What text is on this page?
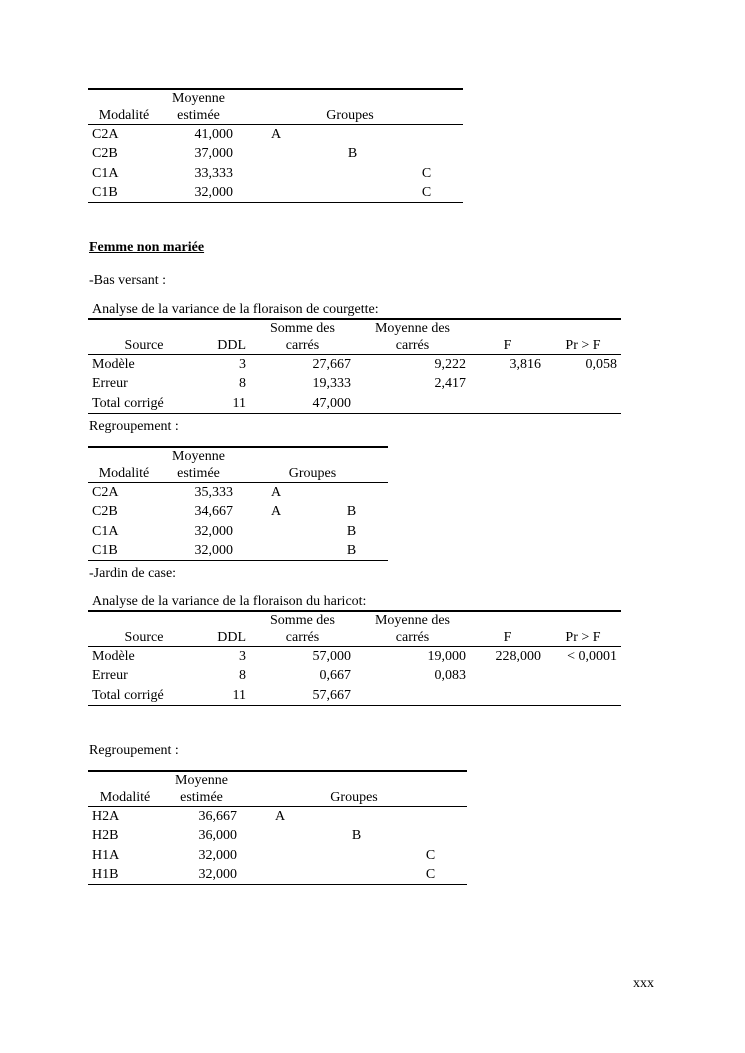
	Moyenne estimée			
Modalité		Groupes		
C2A	41,000	A		
C2B	37,000		B	
C1A	33,333			C
C1B	32,000			C
Femme non mariée
-Bas versant :
Analyse de la variance de la floraison de courgette:
		Somme des carrés	Moyenne des carrés		
Source	DDL			F	Pr > F
Modèle	3	27,667	9,222	3,816	0,058
Erreur	8	19,333	2,417		
Total corrigé	11	47,000			
Regroupement :
	Moyenne estimée		
Modalité		Groupes	
C2A	35,333	A	
C2B	34,667	A	B
C1A	32,000		B
C1B	32,000		B
-Jardin de case:
Analyse de la variance de la floraison du haricot:
		Somme des carrés	Moyenne des carrés		
Source	DDL			F	Pr > F
Modèle	3	57,000	19,000	228,000	< 0,0001
Erreur	8	0,667	0,083		
Total corrigé	11	57,667			
Regroupement :
	Moyenne estimée			
Modalité		Groupes		
H2A	36,667	A		
H2B	36,000		B	
H1A	32,000			C
H1B	32,000			C
xxx
